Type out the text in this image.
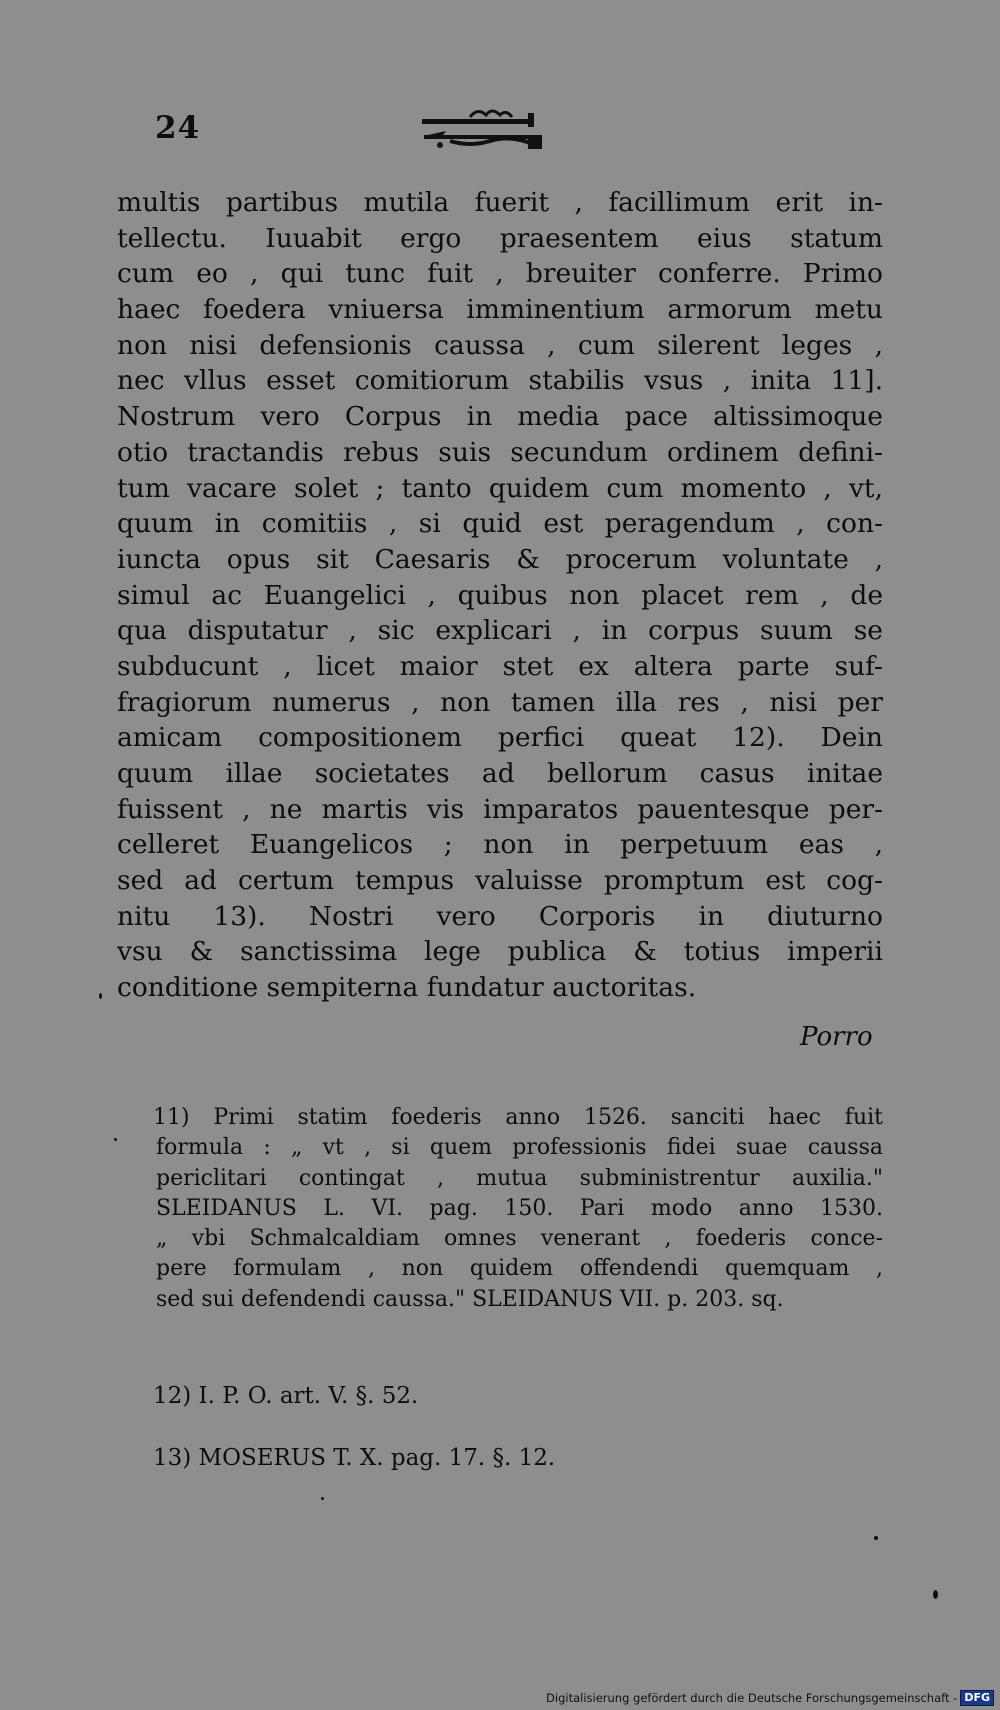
24
multis partibus mutila fuerit , facillimum erit in-
tellectu. Iuuabit ergo praesentem eius statum
cum eo , qui tunc fuit , breuiter conferre. Primo
haec foedera vniuersa imminentium armorum metu
non nisi defensionis caussa , cum silerent leges ,
nec vllus esset comitiorum stabilis vsus , inita 11].
Nostrum vero Corpus in media pace altissimoque
otio tractandis rebus suis secundum ordinem defini-
tum vacare solet ; tanto quidem cum momento , vt,
quum in comitiis , si quid est peragendum , con-
iuncta opus sit Caesaris & procerum voluntate ,
simul ac Euangelici , quibus non placet rem , de
qua disputatur , sic explicari , in corpus suum se
subducunt , licet maior stet ex altera parte suf-
fragiorum numerus , non tamen illa res , nisi per
amicam compositionem perfici queat 12). Dein
quum illae societates ad bellorum casus initae
fuissent , ne martis vis imparatos pauentesque per-
celleret Euangelicos ; non in perpetuum eas ,
sed ad certum tempus valuisse promptum est cog-
nitu 13). Nostri vero Corporis in diuturno
vsu & sanctissima lege publica & totius imperii
conditione sempiterna fundatur auctoritas.
Porro
11) Primi statim foederis anno 1526. sanciti haec fuit
formula : „ vt , si quem professionis fidei suae caussa
periclitari contingat , mutua subministrentur auxilia."
SLEIDANUS L. VI. pag. 150. Pari modo anno 1530.
„ vbi Schmalcaldiam omnes venerant , foederis conce-
pere formulam , non quidem offendendi quemquam ,
sed sui defendendi caussa." SLEIDANUS VII. p. 203. sq.
12) I. P. O. art. V. §. 52.
13) MOSERUS T. X. pag. 17. §. 12.
Digitalisierung gefördert durch die Deutsche Forschungsgemeinschaft - DFG
